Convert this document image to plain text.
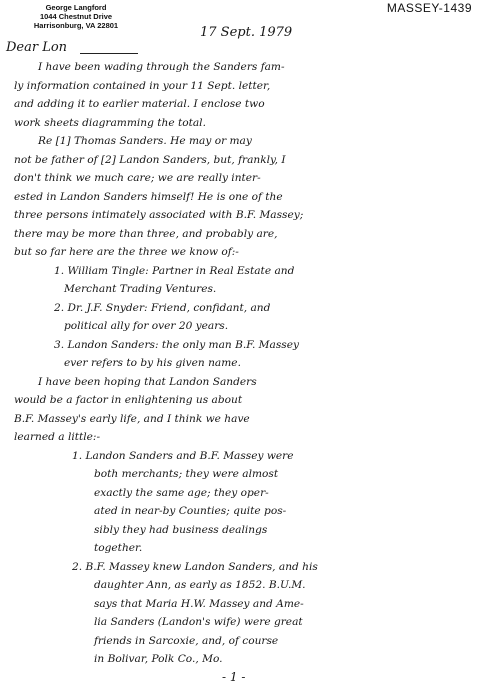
George Langford
1044 Chestnut Drive
Harrisonburg, VA 22801
MASSEY-1439
17 Sept. 1979
Dear Lon
I have been wading through the Sanders fam-
ly information contained in your 11 Sept. letter,
and adding it to earlier material. I enclose two
work sheets diagramming the total.
Re [1] Thomas Sanders. He may or may
not be father of [2] Landon Sanders, but, frankly, I
don't think we much care; we are really inter-
ested in Landon Sanders himself! He is one of the
three persons intimately associated with B.F. Massey;
there may be more than three, and probably are,
but so far here are the three we know of:-
1. William Tingle: Partner in Real Estate and
Merchant Trading Ventures.
2. Dr. J.F. Snyder: Friend, confidant, and
political ally for over 20 years.
3. Landon Sanders: the only man B.F. Massey
ever refers to by his given name.
I have been hoping that Landon Sanders
would be a factor in enlightening us about
B.F. Massey's early life, and I think we have
learned a little:-
1. Landon Sanders and B.F. Massey were
both merchants; they were almost
exactly the same age; they oper-
ated in near-by Counties; quite pos-
sibly they had business dealings
together.
2. B.F. Massey knew Landon Sanders, and his
daughter Ann, as early as 1852. B.U.M.
says that Maria H.W. Massey and Ame-
lia Sanders (Landon's wife) were great
friends in Sarcoxie, and, of course
in Bolivar, Polk Co., Mo.
- 1 -
